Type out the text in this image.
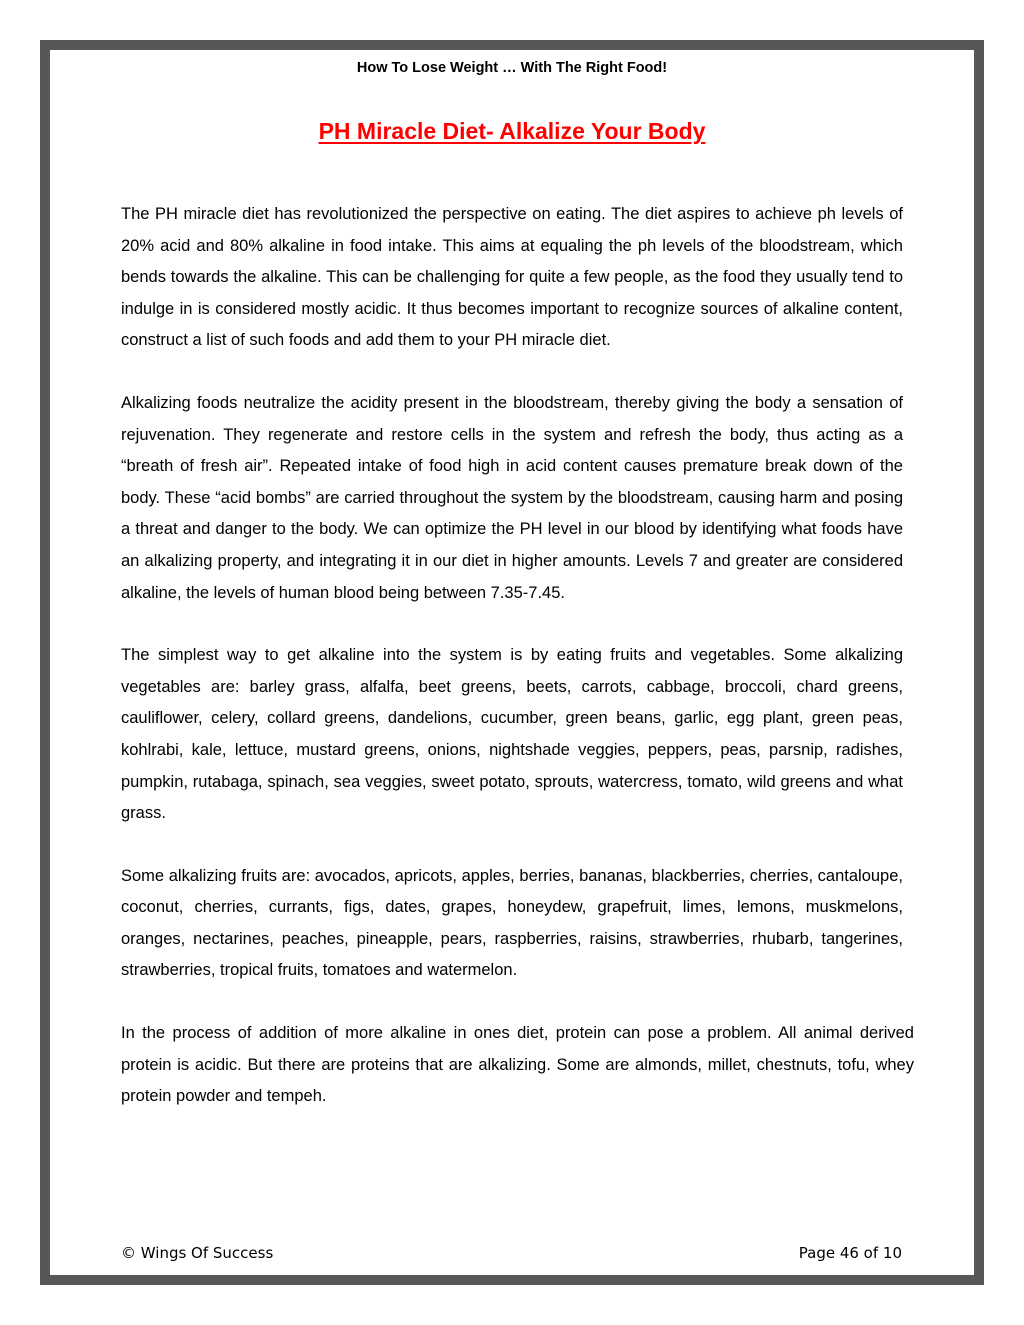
How To Lose Weight … With The Right Food!
PH Miracle Diet- Alkalize Your Body

The PH miracle diet has revolutionized the perspective on eating. The diet aspires to achieve ph levels of 20% acid and 80% alkaline in food intake. This aims at equaling the ph levels of the bloodstream, which bends towards the alkaline. This can be challenging for quite a few people, as the food they usually tend to indulge in is considered mostly acidic. It thus becomes important to recognize sources of alkaline content, construct a list of such foods and add them to your PH miracle diet.

Alkalizing foods neutralize the acidity present in the bloodstream, thereby giving the body a sensation of rejuvenation. They regenerate and restore cells in the system and refresh the body, thus acting as a “breath of fresh air”. Repeated intake of food high in acid content causes premature break down of the body. These “acid bombs” are carried throughout the system by the bloodstream, causing harm and posing a threat and danger to the body. We can optimize the PH level in our blood by identifying what foods have an alkalizing property, and integrating it in our diet in higher amounts. Levels 7 and greater are considered alkaline, the levels of human blood being between 7.35-7.45.

The simplest way to get alkaline into the system is by eating fruits and vegetables. Some alkalizing vegetables are: barley grass, alfalfa, beet greens, beets, carrots, cabbage, broccoli, chard greens, cauliflower, celery, collard greens, dandelions, cucumber, green beans, garlic, egg plant, green peas, kohlrabi, kale, lettuce, mustard greens, onions, nightshade veggies, peppers, peas, parsnip, radishes, pumpkin, rutabaga, spinach, sea veggies, sweet potato, sprouts, watercress, tomato, wild greens and what grass.

Some alkalizing fruits are: avocados, apricots, apples, berries, bananas, blackberries, cherries, cantaloupe, coconut, cherries, currants, figs, dates, grapes, honeydew, grapefruit, limes, lemons, muskmelons, oranges, nectarines, peaches, pineapple, pears, raspberries, raisins, strawberries, rhubarb, tangerines, strawberries, tropical fruits, tomatoes and watermelon.

In the process of addition of more alkaline in ones diet, protein can pose a problem. All animal derived protein is acidic. But there are proteins that are alkalizing. Some are almonds, millet, chestnuts, tofu, whey protein powder and tempeh.

© Wings Of Success	Page 46 of 10
